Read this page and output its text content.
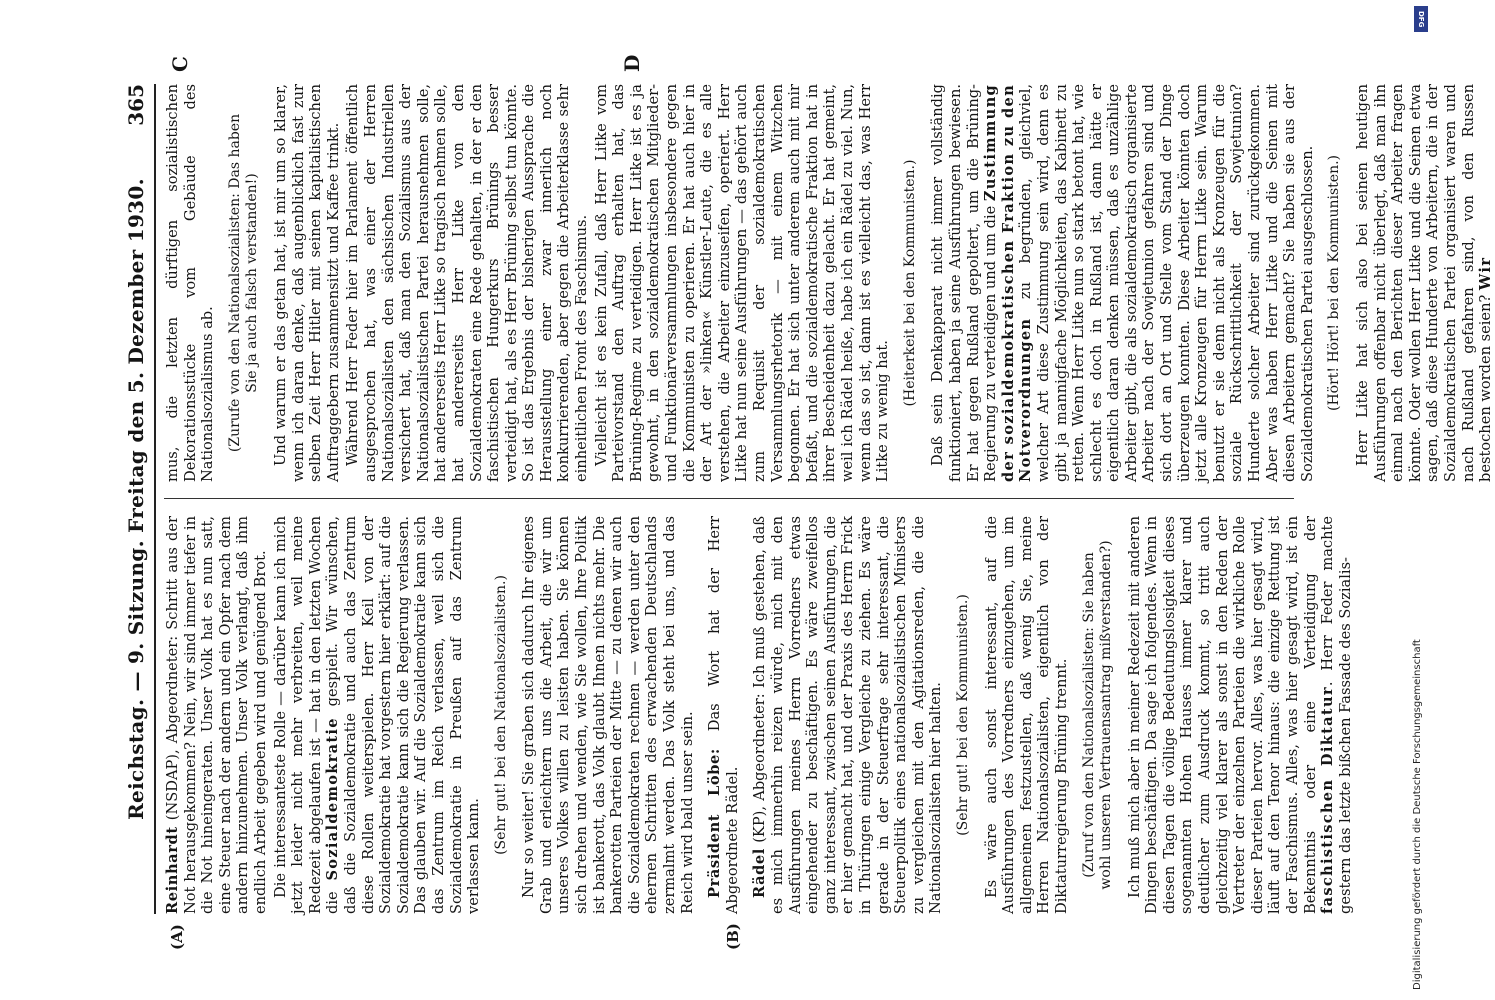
Reichstag. — 9. Sitzung. Freitag den 5. Dezember 1930.
365
(A)	(B)
C	D

Reinhardt (NSDAP), Abgeordneter: Schritt aus der Not herausgekommen? Nein, wir sind immer tiefer in die Not hineingeraten. Unser Volk hat es nun satt, eine Steuer nach der andern und ein Opfer nach dem andern hinzunehmen. Unser Volk verlangt, daß ihm endlich Arbeit gegeben wird und genügend Brot. Die interessanteste Rolle — darüber kann ich mich jetzt leider nicht mehr verbreiten, weil meine Redezeit abgelaufen ist — hat in den letzten Wochen die Sozialdemokratie gespielt. Wir wünschen, daß die Sozialdemokratie und auch das Zentrum diese Rollen weiterspielen. Herr Keil von der Sozialdemokratie hat vorgestern hier erklärt: auf die Sozialdemokratie kann sich die Regierung verlassen. Das glauben wir. Auf die Sozialdemokratie kann sich das Zentrum im Reich verlassen, weil sich die Sozialdemokratie in Preußen auf das Zentrum verlassen kann.

(Sehr gut! bei den Nationalsozialisten.) Nur so weiter! Sie graben sich dadurch Ihr eigenes Grab und erleichtern uns die Arbeit, die wir um unseres Volkes willen zu leisten haben. Sie können sich drehen und wenden, wie Sie wollen, Ihre Politik ist bankerott, das Volk glaubt Ihnen nichts mehr. Die bankerotten Parteien der Mitte — zu denen wir auch die Sozialdemokraten rechnen — werden unter den ehernen Schritten des erwachenden Deutschlands zermalmt werden. Das Volk steht bei uns, und das Reich wird bald unser sein. Präsident Löbe: Das Wort hat der Herr Abgeordnete Rädel. Rädel (KP), Abgeordneter: Ich muß gestehen, daß es mich immerhin reizen würde, mich mit den Ausführungen meines Herrn Vorredners etwas eingehender zu beschäftigen. Es wäre zweifellos ganz interessant, zwischen seinen Ausführungen, die er hier gemacht hat, und der Praxis des Herrn Frick in Thüringen einige Vergleiche zu ziehen. Es wäre gerade in der Steuerfrage sehr interessant, die Steuerpolitik eines nationalsozialistischen Ministers zu vergleichen mit den Agitationsreden, die die Nationalsozialisten hier halten. (Sehr gut! bei den Kommunisten.) Es wäre auch sonst interessant, auf die Ausführungen des Vorredners einzugehen, um im allgemeinen festzustellen, daß wenig Sie, meine Herren Nationalsozialisten, eigentlich von der Diktaturregierung Brüning trennt. (Zuruf von den Nationalsozialisten: Sie haben wohl unseren Vertrauensantrag mißverstanden?) Ich muß mich aber in meiner Redezeit mit anderen Dingen beschäftigen. Da sage ich folgendes. Wenn in diesen Tagen die völlige Bedeutungslosigkeit dieses sogenannten Hohen Hauses immer klarer und deutlicher zum Ausdruck kommt, so tritt auch gleichzeitig viel klarer als sonst in den Reden der Vertreter der einzelnen Parteien die wirkliche Rolle dieser Parteien hervor. Alles, was hier gesagt wird, läuft auf den Tenor hinaus: die einzige Rettung ist der Faschismus. Alles, was hier gesagt wird, ist ein Bekenntnis oder eine Verteidigung der faschistischen Diktatur. Herr Feder machte gestern das letzte bißchen Fassade des Sozialis-

mus, die letzten dürftigen sozialistischen Dekorationsstücke vom Gebäude des Nationalsozialismus ab. (Zurufe von den Nationalsozialisten: Das haben Sie ja auch falsch verstanden!) Und warum er das getan hat, ist mir um so klarer, wenn ich daran denke, daß augenblicklich fast zur selben Zeit Herr Hitler mit seinen kapitalistischen Auftraggebern zusammensitzt und Kaffee trinkt. Während Herr Feder hier im Parlament öffentlich ausgesprochen hat, was einer der Herren Nationalsozialisten den sächsischen Industriellen versichert hat, daß man den Sozialismus aus der Nationalsozialistischen Partei herausnehmen solle, hat andererseits Herr Litke so tragisch nehmen solle, hat andererseits Herr Litke von den Sozialdemokraten eine Rede gehalten, in der er den faschistischen Hungerkurs Brünings besser verteidigt hat, als es Herr Brüning selbst tun könnte. So ist das Ergebnis der bisherigen Aussprache die Herausstellung einer zwar innerlich noch konkurrierenden, aber gegen die Arbeiterklasse sehr einheitlichen Front des Faschismus. Vielleicht ist es kein Zufall, daß Herr Litke vom Parteivorstand den Auftrag erhalten hat, das Brüning-Regime zu verteidigen. Herr Litke ist es ja gewohnt, in den sozialdemokratischen Mitglieder- und Funktionärversammlungen insbesondere gegen die Kommunisten zu operieren. Er hat auch hier in der Art der »linken« Künstler-Leute, die es alle verstehen, die Arbeiter einzuseifen, operiert. Herr Litke hat nun seine Ausführungen — das gehört auch zum Requisit der sozialdemokratischen Versammlungsrhetorik — mit einem Witzchen begonnen. Er hat sich unter anderem auch mit mir befaßt, und die sozialdemokratische Fraktion hat in ihrer Bescheidenheit dazu gelacht. Er hat gemeint, weil ich Rädel heiße, habe ich ein Rädel zu viel. Nun, wenn das so ist, dann ist es vielleicht das, was Herr Litke zu wenig hat.

(Heiterkeit bei den Kommunisten.) Daß sein Denkapparat nicht immer vollständig funktioniert, haben ja seine Ausführungen bewiesen. Er hat gegen Rußland gepoltert, um die Brüning-Regierung zu verteidigen und um die Zustimmung der sozialdemokratischen Fraktion zu den Notverordnungen zu begründen, gleichviel, welcher Art diese Zustimmung sein wird, denn es gibt ja mannigfache Möglichkeiten, das Kabinett zu retten. Wenn Herr Litke nun so stark betont hat, wie schlecht es doch in Rußland ist, dann hätte er eigentlich daran denken müssen, daß es unzählige Arbeiter gibt, die als sozialdemokratisch organisierte Arbeiter nach der Sowjetunion gefahren sind und sich dort an Ort und Stelle vom Stand der Dinge überzeugen konnten. Diese Arbeiter könnten doch jetzt alle Kronzeugen für Herrn Litke sein. Warum benutzt er sie denn nicht als Kronzeugen für die soziale Rückschrittlichkeit der Sowjetunion? Hunderte solcher Arbeiter sind zurückgekommen. Aber was haben Herr Litke und die Seinen mit diesen Arbeitern gemacht? Sie haben sie aus der Sozialdemokratischen Partei ausgeschlossen. (Hört! Hört! bei den Kommunisten.) Herr Litke hat sich also bei seinen heutigen Ausführungen offenbar nicht überlegt, daß man ihn einmal nach den Berichten dieser Arbeiter fragen könnte. Oder wollen Herr Litke und die Seinen etwa sagen, daß diese Hunderte von Arbeitern, die in der Sozialdemokratischen Partei organisiert waren und nach Rußland gefahren sind, von den Russen bestochen worden seien? Wir

Digitalisierung gefördert durch die Deutsche Forschungsgemeinschaft
DFG
